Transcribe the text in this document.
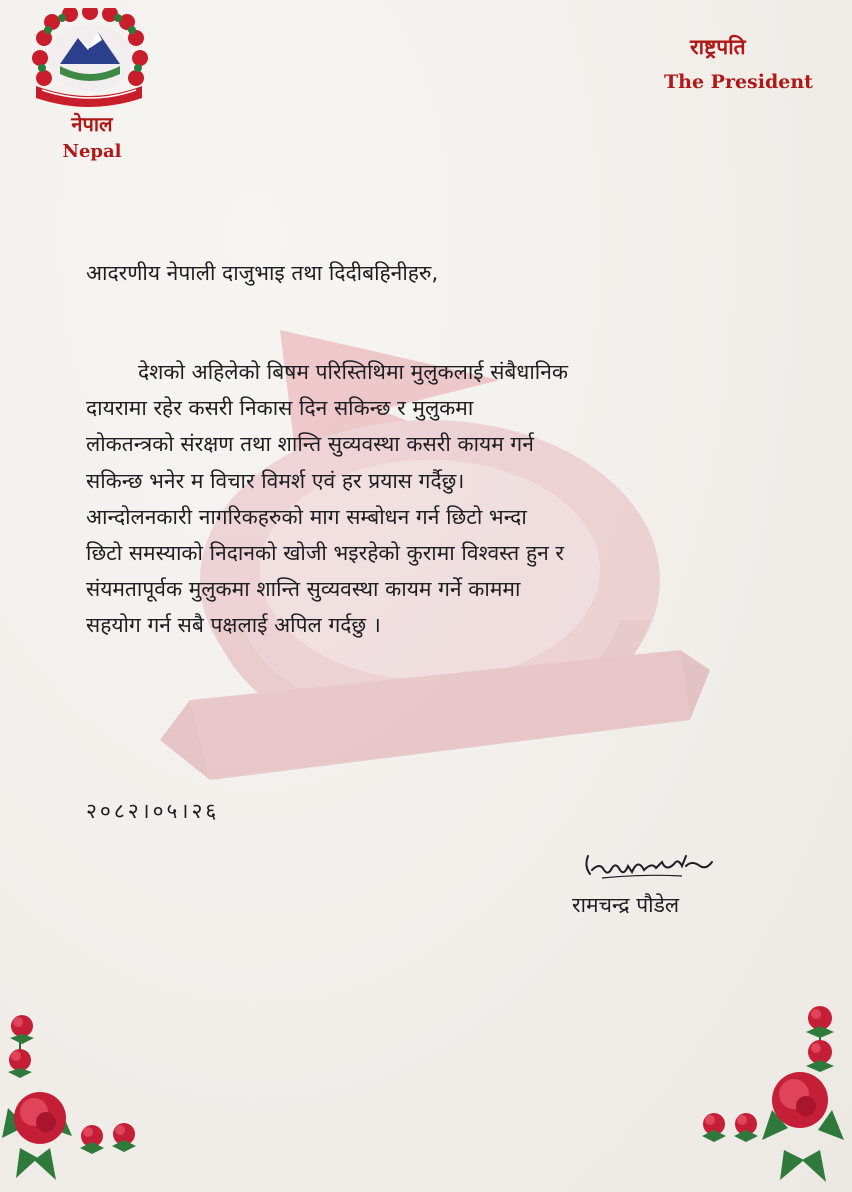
नेपाल
Nepal
राष्ट्रपति
The President
आदरणीय नेपाली दाजुभाइ तथा दिदीबहिनीहरु,
देशको अहिलेको बिषम परिस्तिथिमा मुलुकलाई संबैधानिक
दायरामा रहेर कसरी निकास दिन सकिन्छ र मुलुकमा
लोकतन्त्रको संरक्षण तथा शान्ति सुव्यवस्था कसरी कायम गर्न
सकिन्छ भनेर म विचार विमर्श एवं हर प्रयास गर्दैछु।
आन्दोलनकारी नागरिकहरुको माग सम्बोधन गर्न छिटो भन्दा
छिटो समस्याको निदानको खोजी भइरहेको कुरामा विश्वस्त हुन र
संयमतापूर्वक मुलुकमा शान्ति सुव्यवस्था कायम गर्ने काममा
सहयोग गर्न सबै पक्षलाई अपिल गर्दछु ।
२०८२।०५।२६
रामचन्द्र पौडेल
